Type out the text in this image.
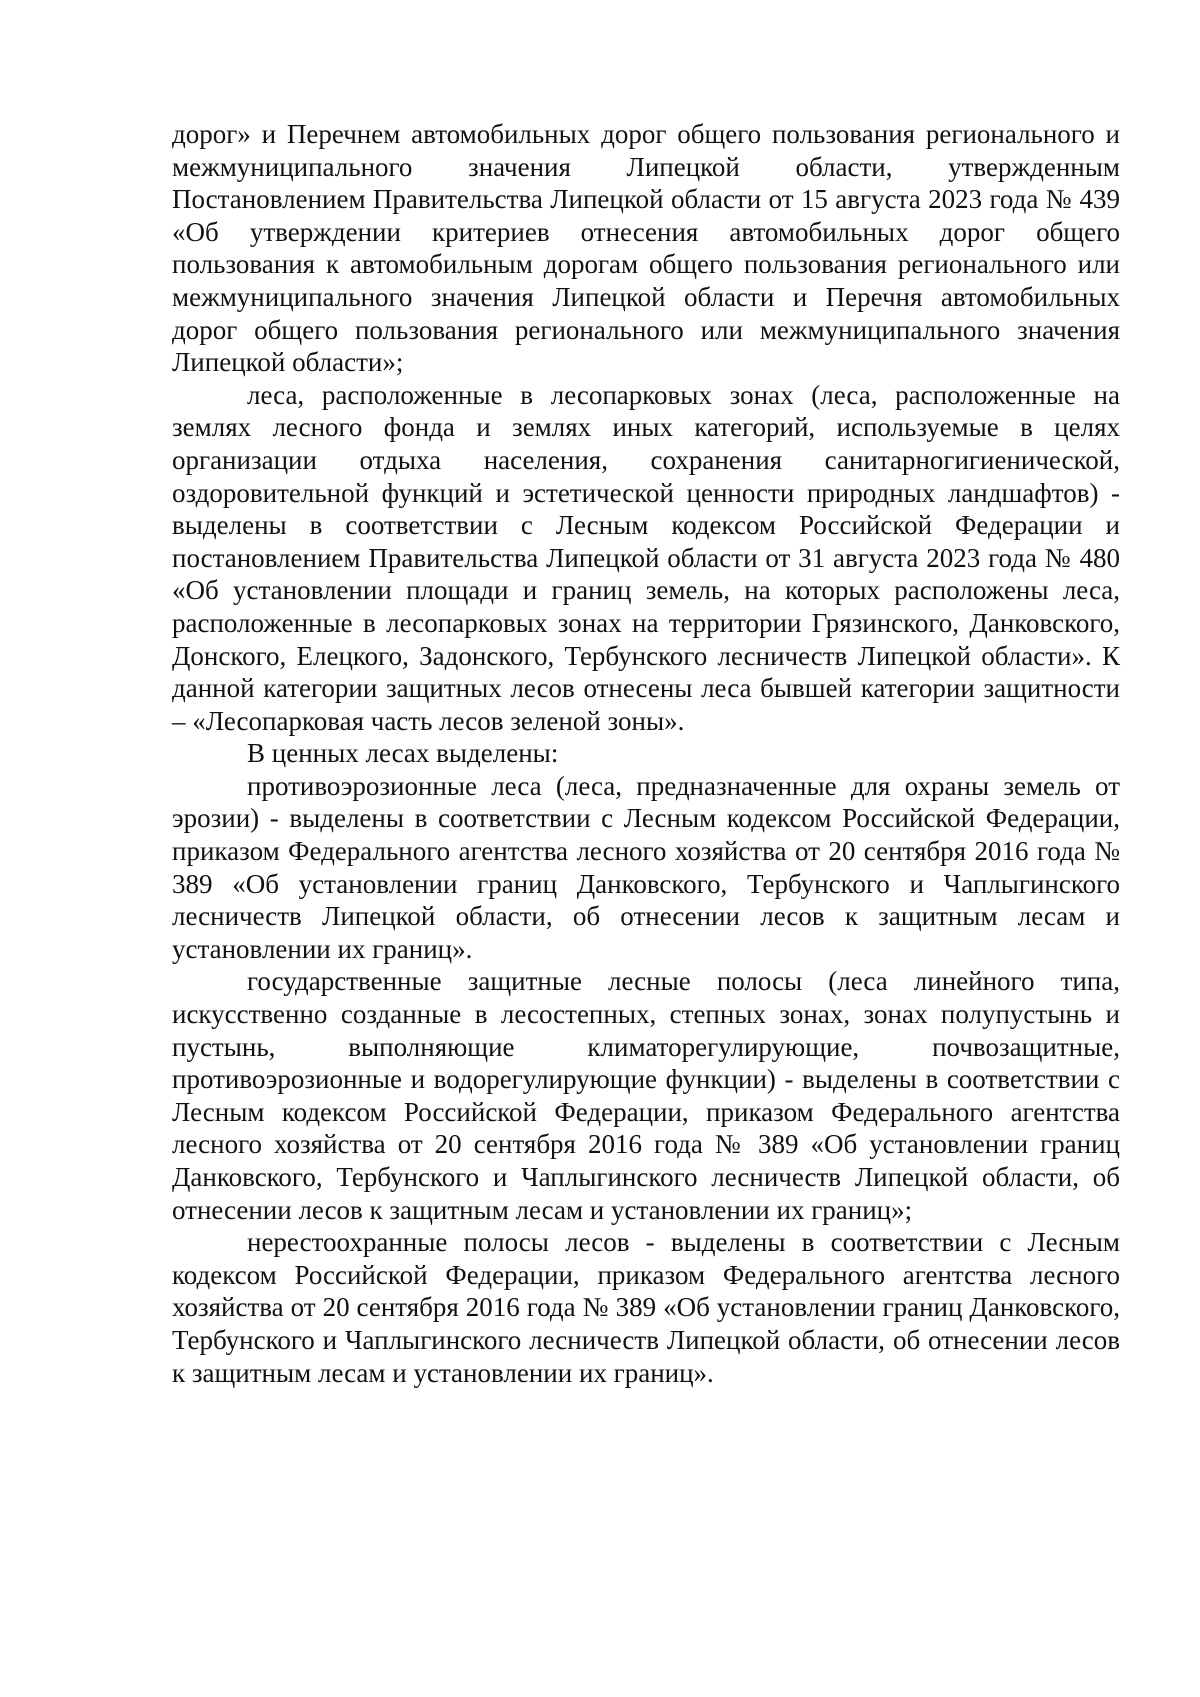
дорог» и Перечнем автомобильных дорог общего пользования регионального и межмуниципального значения Липецкой области, утвержденным Постановлением Правительства Липецкой области от 15 августа 2023 года № 439 «Об утверждении критериев отнесения автомобильных дорог общего пользования к автомобильным дорогам общего пользования регионального или межмуниципального значения Липецкой области и Перечня автомобильных дорог общего пользования регионального или межмуниципального значения Липецкой области»;

леса, расположенные в лесопарковых зонах (леса, расположенные на землях лесного фонда и землях иных категорий, используемые в целях организации отдыха населения, сохранения санитарногигиенической, оздоровительной функций и эстетической ценности природных ландшафтов) - выделены в соответствии с Лесным кодексом Российской Федерации и постановлением Правительства Липецкой области от 31 августа 2023 года № 480 «Об установлении площади и границ земель, на которых расположены леса, расположенные в лесопарковых зонах на территории Грязинского, Данковского, Донского, Елецкого, Задонского, Тербунского лесничеств Липецкой области». К данной категории защитных лесов отнесены леса бывшей категории защитности – «Лесопарковая часть лесов зеленой зоны».

В ценных лесах выделены:

противоэрозионные леса (леса, предназначенные для охраны земель от эрозии) - выделены в соответствии с Лесным кодексом Российской Федерации, приказом Федерального агентства лесного хозяйства от 20 сентября 2016 года № 389 «Об установлении границ Данковского, Тербунского и Чаплыгинского лесничеств Липецкой области, об отнесении лесов к защитным лесам и установлении их границ».

государственные защитные лесные полосы (леса линейного типа, искусственно созданные в лесостепных, степных зонах, зонах полупустынь и пустынь, выполняющие климаторегулирующие, почвозащитные, противоэрозионные и водорегулирующие функции) - выделены в соответствии с Лесным кодексом Российской Федерации, приказом Федерального агентства лесного хозяйства от 20 сентября 2016 года № 389 «Об установлении границ Данковского, Тербунского и Чаплыгинского лесничеств Липецкой области, об отнесении лесов к защитным лесам и установлении их границ»;

нерестоохранные полосы лесов - выделены в соответствии с Лесным кодексом Российской Федерации, приказом Федерального агентства лесного хозяйства от 20 сентября 2016 года № 389 «Об установлении границ Данковского, Тербунского и Чаплыгинского лесничеств Липецкой области, об отнесении лесов к защитным лесам и установлении их границ».
